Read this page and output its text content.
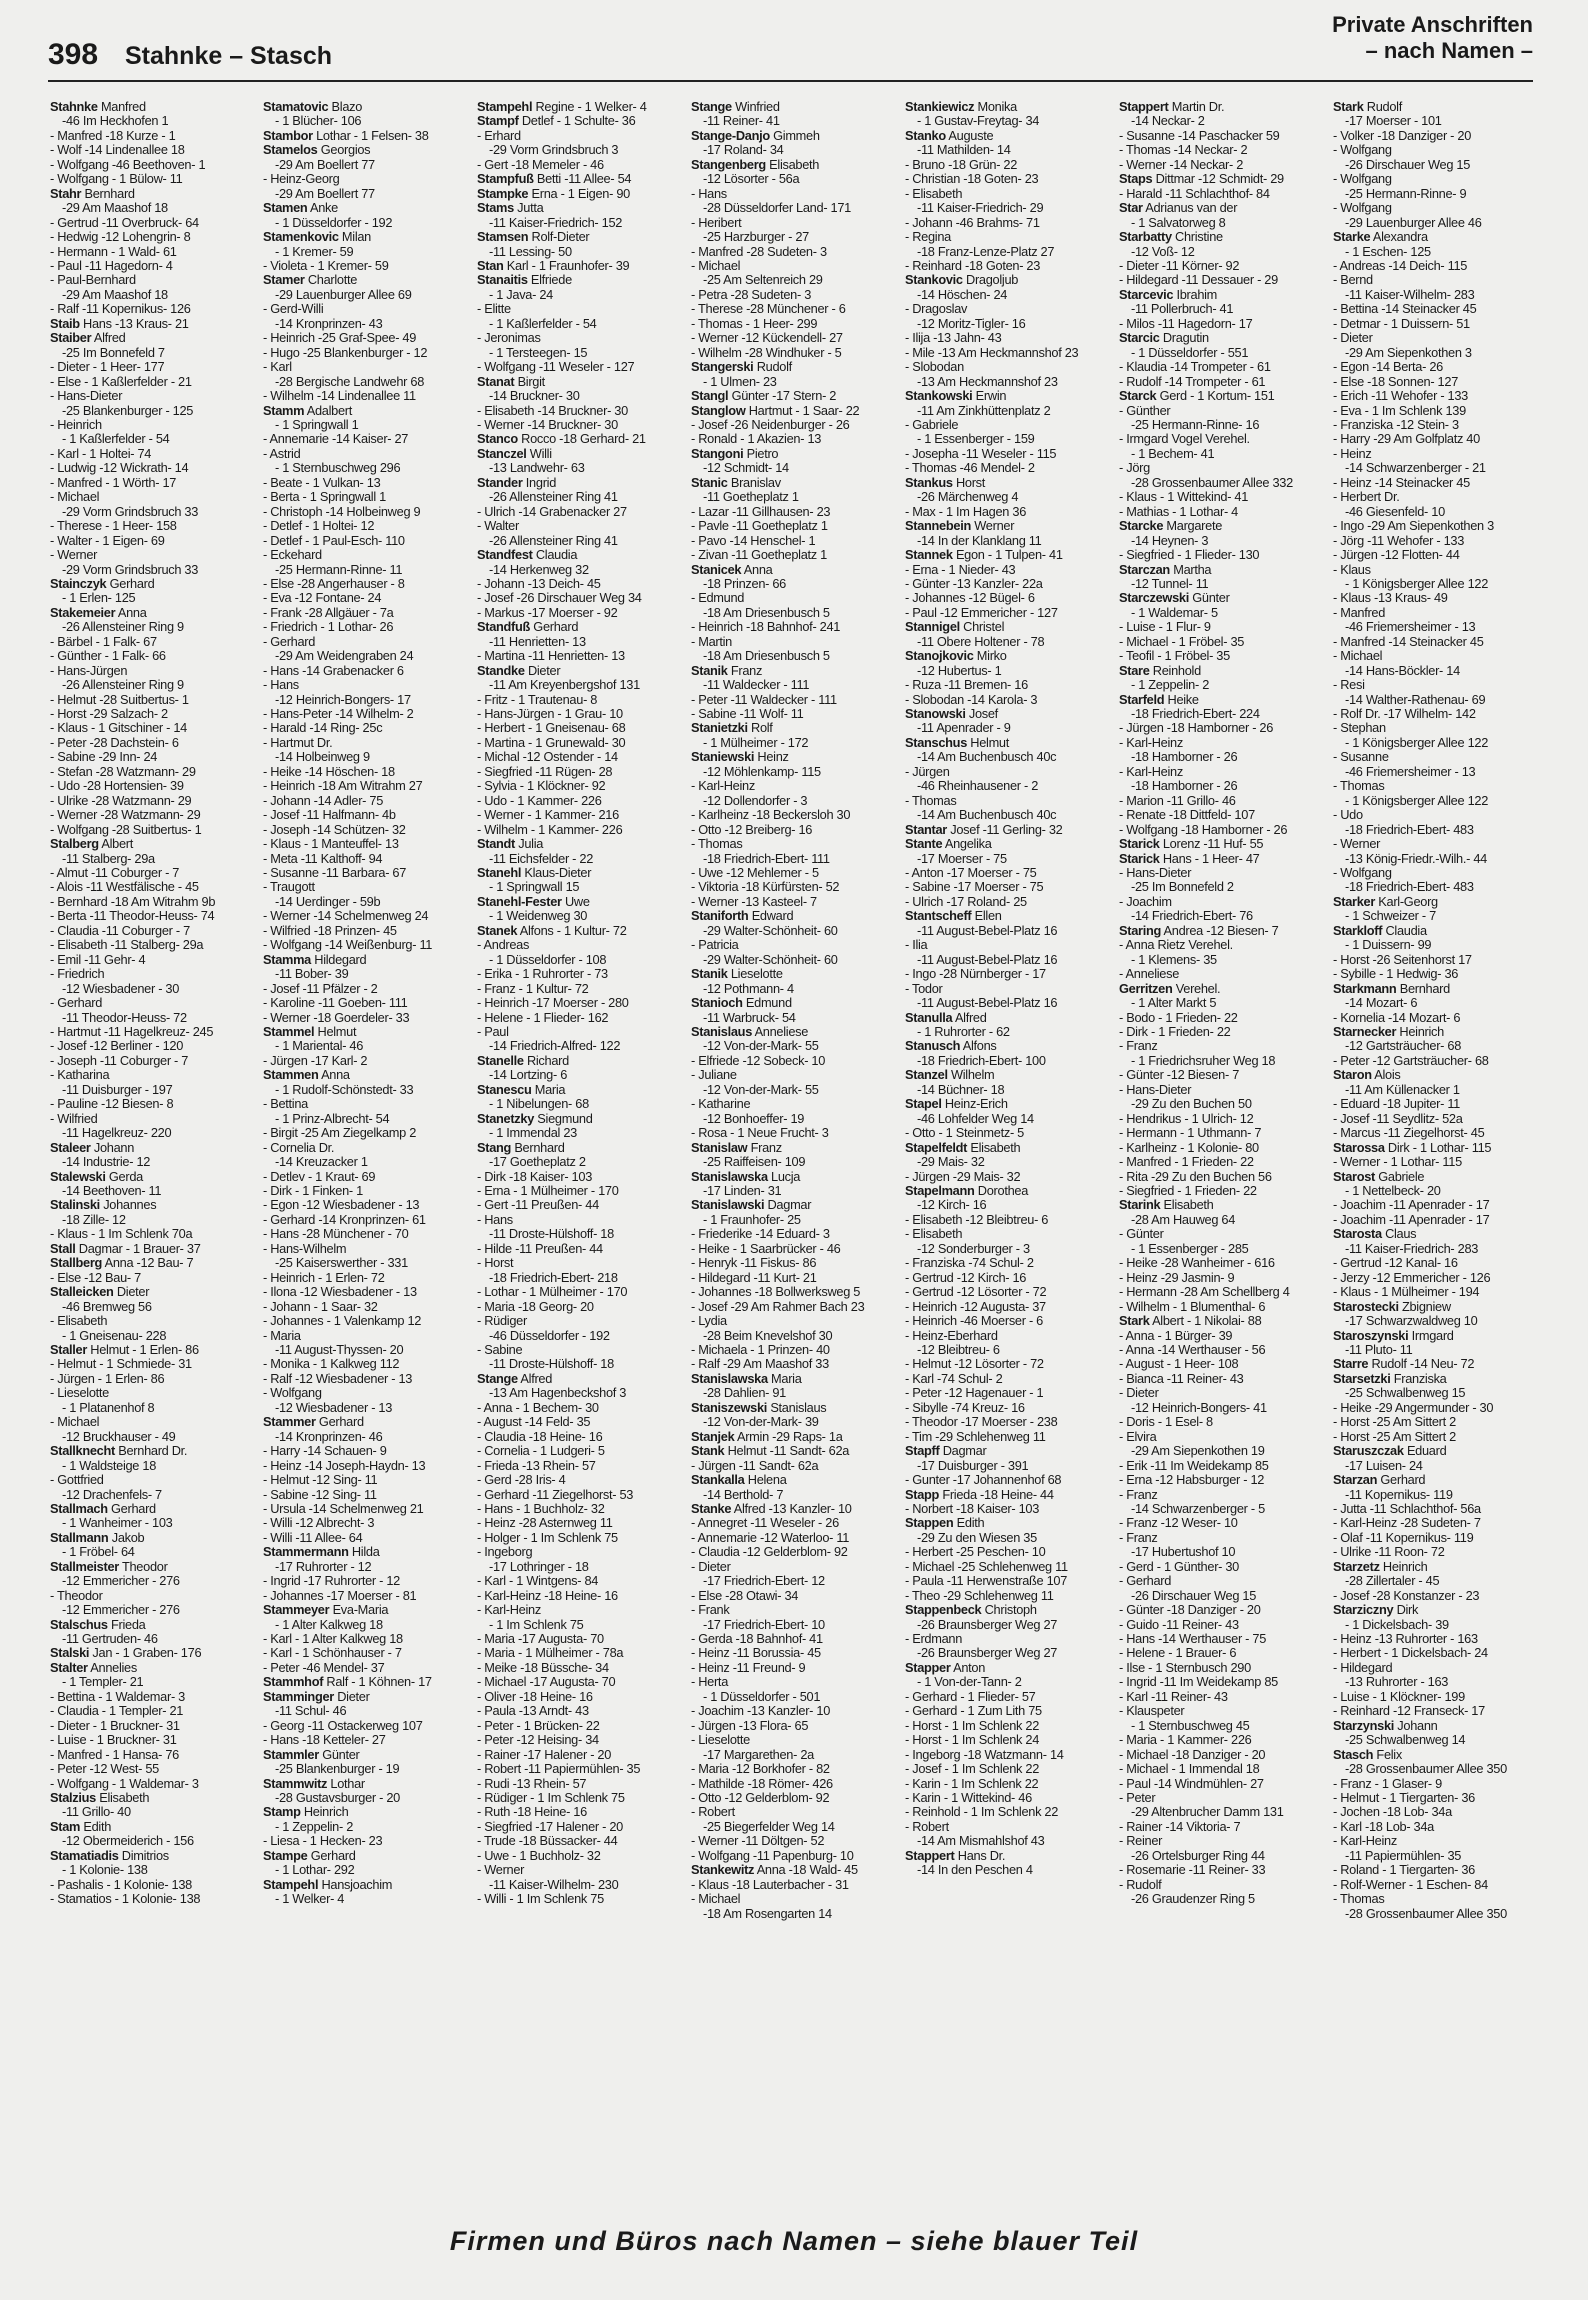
398 Stahnke – Stasch
Private Anschriften
– nach Namen –
Stahnke Manfred
-46 Im Heckhofen 1
- Manfred -18 Kurze - 1
- Wolf -14 Lindenallee 18
- Wolfgang -46 Beethoven- 1
- Wolfgang - 1 Bülow- 11
Stahr Bernhard
-29 Am Maashof 18
- Gertrud -11 Overbruck- 64
- Hedwig -12 Lohengrin- 8
- Hermann - 1 Wald- 61
- Paul -11 Hagedorn- 4
- Paul-Bernhard
-29 Am Maashof 18
- Ralf -11 Kopernikus- 126
Staib Hans -13 Kraus- 21
Staiber Alfred
-25 Im Bonnefeld 7
- Dieter - 1 Heer- 177
- Else - 1 Kaßlerfelder - 21
- Hans-Dieter
-25 Blankenburger - 125
- Heinrich
- 1 Kaßlerfelder - 54
- Karl - 1 Holtei- 74
- Ludwig -12 Wickrath- 14
- Manfred - 1 Wörth- 17
- Michael
-29 Vorm Grindsbruch 33
- Therese - 1 Heer- 158
- Walter - 1 Eigen- 69
- Werner
-29 Vorm Grindsbruch 33
Stainczyk Gerhard
- 1 Erlen- 125
Stakemeier Anna
-26 Allensteiner Ring 9
- Bärbel - 1 Falk- 67
- Günther - 1 Falk- 66
- Hans-Jürgen
-26 Allensteiner Ring 9
- Helmut -28 Suitbertus- 1
- Horst -29 Salzach- 2
- Klaus - 1 Gitschiner - 14
- Peter -28 Dachstein- 6
- Sabine -29 Inn- 24
- Stefan -28 Watzmann- 29
- Udo -28 Hortensien- 39
- Ulrike -28 Watzmann- 29
- Werner -28 Watzmann- 29
- Wolfgang -28 Suitbertus- 1
Stalberg Albert
-11 Stalberg- 29a
- Almut -11 Coburger - 7
- Alois -11 Westfälische - 45
- Bernhard -18 Am Witrahm 9b
- Berta -11 Theodor-Heuss- 74
- Claudia -11 Coburger - 7
- Elisabeth -11 Stalberg- 29a
- Emil -11 Gehr- 4
- Friedrich
-12 Wiesbadener - 30
- Gerhard
-11 Theodor-Heuss- 72
- Hartmut -11 Hagelkreuz- 245
- Josef -12 Berliner - 120
- Joseph -11 Coburger - 7
- Katharina
-11 Duisburger - 197
- Pauline -12 Biesen- 8
- Wilfried
-11 Hagelkreuz- 220
Staleer Johann
-14 Industrie- 12
Stalewski Gerda
-14 Beethoven- 11
Stalinski Johannes
-18 Zille- 12
- Klaus - 1 Im Schlenk 70a
Stall Dagmar - 1 Brauer- 37
Stallberg Anna -12 Bau- 7
- Else -12 Bau- 7
Stalleicken Dieter
-46 Bremweg 56
- Elisabeth
- 1 Gneisenau- 228
Staller Helmut - 1 Erlen- 86
- Helmut - 1 Schmiede- 31
- Jürgen - 1 Erlen- 86
- Lieselotte
- 1 Platanenhof 8
- Michael
-12 Bruckhauser - 49
Stallknecht Bernhard Dr.
- 1 Waldsteige 18
- Gottfried
-12 Drachenfels- 7
Stallmach Gerhard
- 1 Wanheimer - 103
Stallmann Jakob
- 1 Fröbel- 64
Stallmeister Theodor
-12 Emmericher - 276
- Theodor
-12 Emmericher - 276
Stalschus Frieda
-11 Gertruden- 46
Stalski Jan - 1 Graben- 176
Stalter Annelies
- 1 Templer- 21
- Bettina - 1 Waldemar- 3
- Claudia - 1 Templer- 21
- Dieter - 1 Bruckner- 31
- Luise - 1 Bruckner- 31
- Manfred - 1 Hansa- 76
- Peter -12 West- 55
- Wolfgang - 1 Waldemar- 3
Stalzius Elisabeth
-11 Grillo- 40
Stam Edith
-12 Obermeiderich - 156
Stamatiadis Dimitrios
- 1 Kolonie- 138
- Pashalis - 1 Kolonie- 138
- Stamatios - 1 Kolonie- 138
Stamatovic Blazo
- 1 Blücher- 106
Stambor Lothar - 1 Felsen- 38
Stamelos Georgios
-29 Am Boellert 77
- Heinz-Georg
-29 Am Boellert 77
Stamen Anke
- 1 Düsseldorfer - 192
Stamenkovic Milan
- 1 Kremer- 59
- Violeta - 1 Kremer- 59
Stamer Charlotte
-29 Lauenburger Allee 69
- Gerd-Willi
-14 Kronprinzen- 43
- Heinrich -25 Graf-Spee- 49
- Hugo -25 Blankenburger - 12
- Karl
-28 Bergische Landwehr 68
- Wilhelm -14 Lindenallee 11
Stamm Adalbert
- 1 Springwall 1
- Annemarie -14 Kaiser- 27
- Astrid
- 1 Sternbuschweg 296
- Beate - 1 Vulkan- 13
- Berta - 1 Springwall 1
- Christoph -14 Holbeinweg 9
- Detlef - 1 Holtei- 12
- Detlef - 1 Paul-Esch- 110
- Eckehard
-25 Hermann-Rinne- 11
- Else -28 Angerhauser - 8
- Eva -12 Fontane- 24
- Frank -28 Allgäuer - 7a
- Friedrich - 1 Lothar- 26
- Gerhard
-29 Am Weidengraben 24
- Hans -14 Grabenacker 6
- Hans
-12 Heinrich-Bongers- 17
- Hans-Peter -14 Wilhelm- 2
- Harald -14 Ring- 25c
- Hartmut Dr.
-14 Holbeinweg 9
- Heike -14 Höschen- 18
- Heinrich -18 Am Witrahm 27
- Johann -14 Adler- 75
- Josef -11 Halfmann- 4b
- Joseph -14 Schützen- 32
- Klaus - 1 Manteuffel- 13
- Meta -11 Kalthoff- 94
- Susanne -11 Barbara- 67
- Traugott
-14 Uerdinger - 59b
- Werner -14 Schelmenweg 24
- Wilfried -18 Prinzen- 45
- Wolfgang -14 Weißenburg- 11
Stamma Hildegard
-11 Bober- 39
- Josef -11 Pfälzer - 2
- Karoline -11 Goeben- 111
- Werner -18 Goerdeler- 33
Stammel Helmut
- 1 Mariental- 46
- Jürgen -17 Karl- 2
Stammen Anna
- 1 Rudolf-Schönstedt- 33
- Bettina
- 1 Prinz-Albrecht- 54
- Birgit -25 Am Ziegelkamp 2
- Cornelia Dr.
-14 Kreuzacker 1
- Detlev - 1 Kraut- 69
- Dirk - 1 Finken- 1
- Egon -12 Wiesbadener - 13
- Gerhard -14 Kronprinzen- 61
- Hans -28 Münchener - 70
- Hans-Wilhelm
-25 Kaiserswerther - 331
- Heinrich - 1 Erlen- 72
- Ilona -12 Wiesbadener - 13
- Johann - 1 Saar- 32
- Johannes - 1 Valenkamp 12
- Maria
-11 August-Thyssen- 20
- Monika - 1 Kalkweg 112
- Ralf -12 Wiesbadener - 13
- Wolfgang
-12 Wiesbadener - 13
Stammer Gerhard
-14 Kronprinzen- 46
- Harry -14 Schauen- 9
- Heinz -14 Joseph-Haydn- 13
- Helmut -12 Sing- 11
- Sabine -12 Sing- 11
- Ursula -14 Schelmenweg 21
- Willi -12 Albrecht- 3
- Willi -11 Allee- 64
Stammermann Hilda
-17 Ruhrorter - 12
- Ingrid -17 Ruhrorter - 12
- Johannes -17 Moerser - 81
Stammeyer Eva-Maria
- 1 Alter Kalkweg 18
- Karl - 1 Alter Kalkweg 18
- Karl - 1 Schönhauser - 7
- Peter -46 Mendel- 37
Stammhof Ralf - 1 Köhnen- 17
Stamminger Dieter
-11 Schul- 46
- Georg -11 Ostackerweg 107
- Hans -18 Ketteler- 27
Stammler Günter
-25 Blankenburger - 19
Stammwitz Lothar
-28 Gustavsburger - 20
Stamp Heinrich
- 1 Zeppelin- 2
- Liesa - 1 Hecken- 23
Stampe Gerhard
- 1 Lothar- 292
Stampehl Hansjoachim
- 1 Welker- 4
Stampehl Regine - 1 Welker- 4
Stampf Detlef - 1 Schulte- 36
- Erhard
-29 Vorm Grindsbruch 3
- Gert -18 Memeler - 46
Stampfuß Betti -11 Allee- 54
Stampke Erna - 1 Eigen- 90
Stams Jutta
-11 Kaiser-Friedrich- 152
Stamsen Rolf-Dieter
-11 Lessing- 50
Stan Karl - 1 Fraunhofer- 39
Stanaitis Elfriede
- 1 Java- 24
- Elitte
- 1 Kaßlerfelder - 54
- Jeronimas
- 1 Tersteegen- 15
- Wolfgang -11 Weseler - 127
Stanat Birgit
-14 Bruckner- 30
- Elisabeth -14 Bruckner- 30
- Werner -14 Bruckner- 30
Stanco Rocco -18 Gerhard- 21
Stanczel Willi
-13 Landwehr- 63
Stander Ingrid
-26 Allensteiner Ring 41
- Ulrich -14 Grabenacker 27
- Walter
-26 Allensteiner Ring 41
Standfest Claudia
-14 Herkenweg 32
- Johann -13 Deich- 45
- Josef -26 Dirschauer Weg 34
- Markus -17 Moerser - 92
Standfuß Gerhard
-11 Henrietten- 13
- Martina -11 Henrietten- 13
Standke Dieter
-11 Am Kreyenbergshof 131
- Fritz - 1 Trautenau- 8
- Hans-Jürgen - 1 Grau- 10
- Herbert - 1 Gneisenau- 68
- Martina - 1 Grunewald- 30
- Michal -12 Ostender - 14
- Siegfried -11 Rügen- 28
- Sylvia - 1 Klöckner- 92
- Udo - 1 Kammer- 226
- Werner - 1 Kammer- 216
- Wilhelm - 1 Kammer- 226
Standt Julia
-11 Eichsfelder - 22
Stanehl Klaus-Dieter
- 1 Springwall 15
Stanehl-Fester Uwe
- 1 Weidenweg 30
Stanek Alfons - 1 Kultur- 72
- Andreas
- 1 Düsseldorfer - 108
- Erika - 1 Ruhrorter - 73
- Franz - 1 Kultur- 72
- Heinrich -17 Moerser - 280
- Helene - 1 Flieder- 162
- Paul
-14 Friedrich-Alfred- 122
Stanelle Richard
-14 Lortzing- 6
Stanescu Maria
- 1 Nibelungen- 68
Stanetzky Siegmund
- 1 Immendal 23
Stang Bernhard
-17 Goetheplatz 2
- Dirk -18 Kaiser- 103
- Erna - 1 Mülheimer - 170
- Gert -11 Preußen- 44
- Hans
-11 Droste-Hülshoff- 18
- Hilde -11 Preußen- 44
- Horst
-18 Friedrich-Ebert- 218
- Lothar - 1 Mülheimer - 170
- Maria -18 Georg- 20
- Rüdiger
-46 Düsseldorfer - 192
- Sabine
-11 Droste-Hülshoff- 18
Stange Alfred
-13 Am Hagenbeckshof 3
- Anna - 1 Bechem- 30
- August -14 Feld- 35
- Claudia -18 Heine- 16
- Cornelia - 1 Ludgeri- 5
- Frieda -13 Rhein- 57
- Gerd -28 Iris- 4
- Gerhard -11 Ziegelhorst- 53
- Hans - 1 Buchholz- 32
- Heinz -28 Asternweg 11
- Holger - 1 Im Schlenk 75
- Ingeborg
-17 Lothringer - 18
- Karl - 1 Wintgens- 84
- Karl-Heinz -18 Heine- 16
- Karl-Heinz
- 1 Im Schlenk 75
- Maria -17 Augusta- 70
- Maria - 1 Mülheimer - 78a
- Meike -18 Büssche- 34
- Michael -17 Augusta- 70
- Oliver -18 Heine- 16
- Paula -13 Arndt- 43
- Peter - 1 Brücken- 22
- Peter -12 Heising- 34
- Rainer -17 Halener - 20
- Robert -11 Papiermühlen- 35
- Rudi -13 Rhein- 57
- Rüdiger - 1 Im Schlenk 75
- Ruth -18 Heine- 16
- Siegfried -17 Halener - 20
- Trude -18 Büssacker- 44
- Uwe - 1 Buchholz- 32
- Werner
-11 Kaiser-Wilhelm- 230
- Willi - 1 Im Schlenk 75
Stange Winfried
-11 Reiner- 41
Stange-Danjo Gimmeh
-17 Roland- 34
Stangenberg Elisabeth
-12 Lösorter - 56a
- Hans
-28 Düsseldorfer Land- 171
- Heribert
-25 Harzburger - 27
- Manfred -28 Sudeten- 3
- Michael
-25 Am Seltenreich 29
- Petra -28 Sudeten- 3
- Therese -28 Münchener - 6
- Thomas - 1 Heer- 299
- Werner -12 Kückendell- 27
- Wilhelm -28 Windhuker - 5
Stangerski Rudolf
- 1 Ulmen- 23
Stangl Günter -17 Stern- 2
Stanglow Hartmut - 1 Saar- 22
- Josef -26 Neidenburger - 26
- Ronald - 1 Akazien- 13
Stangoni Pietro
-12 Schmidt- 14
Stanic Branislav
-11 Goetheplatz 1
- Lazar -11 Gillhausen- 23
- Pavle -11 Goetheplatz 1
- Pavo -14 Henschel- 1
- Zivan -11 Goetheplatz 1
Stanicek Anna
-18 Prinzen- 66
- Edmund
-18 Am Driesenbusch 5
- Heinrich -18 Bahnhof- 241
- Martin
-18 Am Driesenbusch 5
Stanik Franz
-11 Waldecker - 111
- Peter -11 Waldecker - 111
- Sabine -11 Wolf- 11
Stanietzki Rolf
- 1 Mülheimer - 172
Staniewski Heinz
-12 Möhlenkamp- 115
- Karl-Heinz
-12 Dollendorfer - 3
- Karlheinz -18 Beckersloh 30
- Otto -12 Breiberg- 16
- Thomas
-18 Friedrich-Ebert- 111
- Uwe -12 Mehlemer - 5
- Viktoria -18 Kürfürsten- 52
- Werner -13 Kasteel- 7
Staniforth Edward
-29 Walter-Schönheit- 60
- Patricia
-29 Walter-Schönheit- 60
Stanik Lieselotte
-12 Pothmann- 4
Stanioch Edmund
-11 Warbruck- 54
Stanislaus Anneliese
-12 Von-der-Mark- 55
- Elfriede -12 Sobeck- 10
- Juliane
-12 Von-der-Mark- 55
- Katharine
-12 Bonhoeffer- 19
- Rosa - 1 Neue Frucht- 3
Stanislaw Franz
-25 Raiffeisen- 109
Stanislawska Lucja
-17 Linden- 31
Stanislawski Dagmar
- 1 Fraunhofer- 25
- Friederike -14 Eduard- 3
- Heike - 1 Saarbrücker - 46
- Henryk -11 Fiskus- 86
- Hildegard -11 Kurt- 21
- Johannes -18 Bollwerksweg 5
- Josef -29 Am Rahmer Bach 23
- Lydia
-28 Beim Knevelshof 30
- Michaela - 1 Prinzen- 40
- Ralf -29 Am Maashof 33
Stanislawska Maria
-28 Dahlien- 91
Staniszewski Stanislaus
-12 Von-der-Mark- 39
Stanjek Armin -29 Raps- 1a
Stank Helmut -11 Sandt- 62a
- Jürgen -11 Sandt- 62a
Stankalla Helena
-14 Berthold- 7
Stanke Alfred -13 Kanzler- 10
- Annegret -11 Weseler - 26
- Annemarie -12 Waterloo- 11
- Claudia -12 Gelderblom- 92
- Dieter
-17 Friedrich-Ebert- 12
- Else -28 Otawi- 34
- Frank
-17 Friedrich-Ebert- 10
- Gerda -18 Bahnhof- 41
- Heinz -11 Borussia- 45
- Heinz -11 Freund- 9
- Herta
- 1 Düsseldorfer - 501
- Joachim -13 Kanzler- 10
- Jürgen -13 Flora- 65
- Lieselotte
-17 Margarethen- 2a
- Maria -12 Borkhofer - 82
- Mathilde -18 Römer- 426
- Otto -12 Gelderblom- 92
- Robert
-25 Biegerfelder Weg 14
- Werner -11 Döltgen- 52
- Wolfgang -11 Papenburg- 10
Stankewitz Anna -18 Wald- 45
- Klaus -18 Lauterbacher - 31
- Michael
-18 Am Rosengarten 14
Stankiewicz Monika
- 1 Gustav-Freytag- 34
Stanko Auguste
-11 Mathilden- 14
- Bruno -18 Grün- 22
- Christian -18 Goten- 23
- Elisabeth
-11 Kaiser-Friedrich- 29
- Johann -46 Brahms- 71
- Regina
-18 Franz-Lenze-Platz 27
- Reinhard -18 Goten- 23
Stankovic Dragoljub
-14 Höschen- 24
- Dragoslav
-12 Moritz-Tigler- 16
- Ilija -13 Jahn- 43
- Mile -13 Am Heckmannshof 23
- Slobodan
-13 Am Heckmannshof 23
Stankowski Erwin
-11 Am Zinkhüttenplatz 2
- Gabriele
- 1 Essenberger - 159
- Josepha -11 Weseler - 115
- Thomas -46 Mendel- 2
Stankus Horst
-26 Märchenweg 4
- Max - 1 Im Hagen 36
Stannebein Werner
-14 In der Klanklang 11
Stannek Egon - 1 Tulpen- 41
- Erna - 1 Nieder- 43
- Günter -13 Kanzler- 22a
- Johannes -12 Bügel- 6
- Paul -12 Emmericher - 127
Stannigel Christel
-11 Obere Holtener - 78
Stanojkovic Mirko
-12 Hubertus- 1
- Ruza -11 Bremen- 16
- Slobodan -14 Karola- 3
Stanowski Josef
-11 Apenrader - 9
Stanschus Helmut
-14 Am Buchenbusch 40c
- Jürgen
-46 Rheinhausener - 2
- Thomas
-14 Am Buchenbusch 40c
Stantar Josef -11 Gerling- 32
Stante Angelika
-17 Moerser - 75
- Anton -17 Moerser - 75
- Sabine -17 Moerser - 75
- Ulrich -17 Roland- 25
Stantscheff Ellen
-11 August-Bebel-Platz 16
- Ilia
-11 August-Bebel-Platz 16
- Ingo -28 Nürnberger - 17
- Todor
-11 August-Bebel-Platz 16
Stanulla Alfred
- 1 Ruhrorter - 62
Stanusch Alfons
-18 Friedrich-Ebert- 100
Stanzel Wilhelm
-14 Büchner- 18
Stapel Heinz-Erich
-46 Lohfelder Weg 14
- Otto - 1 Steinmetz- 5
Stapelfeldt Elisabeth
-29 Mais- 32
- Jürgen -29 Mais- 32
Stapelmann Dorothea
-12 Kirch- 16
- Elisabeth -12 Bleibtreu- 6
- Elisabeth
-12 Sonderburger - 3
- Franziska -74 Schul- 2
- Gertrud -12 Kirch- 16
- Gertrud -12 Lösorter - 72
- Heinrich -12 Augusta- 37
- Heinrich -46 Moerser - 6
- Heinz-Eberhard
-12 Bleibtreu- 6
- Helmut -12 Lösorter - 72
- Karl -74 Schul- 2
- Peter -12 Hagenauer - 1
- Sibylle -74 Kreuz- 16
- Theodor -17 Moerser - 238
- Tim -29 Schlehenweg 11
Stapff Dagmar
-17 Duisburger - 391
- Gunter -17 Johannenhof 68
Stapp Frieda -18 Heine- 44
- Norbert -18 Kaiser- 103
Stappen Edith
-29 Zu den Wiesen 35
- Herbert -25 Peschen- 10
- Michael -25 Schlehenweg 11
- Paula -11 Herwenstraße 107
- Theo -29 Schlehenweg 11
Stappenbeck Christoph
-26 Braunsberger Weg 27
- Erdmann
-26 Braunsberger Weg 27
Stapper Anton
- 1 Von-der-Tann- 2
- Gerhard - 1 Flieder- 57
- Gerhard - 1 Zum Lith 75
- Horst - 1 Im Schlenk 22
- Horst - 1 Im Schlenk 24
- Ingeborg -18 Watzmann- 14
- Josef - 1 Im Schlenk 22
- Karin - 1 Im Schlenk 22
- Karin - 1 Wittekind- 46
- Reinhold - 1 Im Schlenk 22
- Robert
-14 Am Mismahlshof 43
Stappert Hans Dr.
-14 In den Peschen 4
Stappert Martin Dr.
-14 Neckar- 2
- Susanne -14 Paschacker 59
- Thomas -14 Neckar- 2
- Werner -14 Neckar- 2
Staps Dittmar -12 Schmidt- 29
- Harald -11 Schlachthof- 84
Star Adrianus van der
- 1 Salvatorweg 8
Starbatty Christine
-12 Voß- 12
- Dieter -11 Körner- 92
- Hildegard -11 Dessauer - 29
Starcevic Ibrahim
-11 Pollerbruch- 41
- Milos -11 Hagedorn- 17
Starcic Dragutin
- 1 Düsseldorfer - 551
- Klaudia -14 Trompeter - 61
- Rudolf -14 Trompeter - 61
Starck Gerd - 1 Kortum- 151
- Günther
-25 Hermann-Rinne- 16
- Irmgard Vogel Verehel.
- 1 Bechem- 41
- Jörg
-28 Grossenbaumer Allee 332
- Klaus - 1 Wittekind- 41
- Mathias - 1 Lothar- 4
Starcke Margarete
-14 Heynen- 3
- Siegfried - 1 Flieder- 130
Starczan Martha
-12 Tunnel- 11
Starczewski Günter
- 1 Waldemar- 5
- Luise - 1 Flur- 9
- Michael - 1 Fröbel- 35
- Teofil - 1 Fröbel- 35
Stare Reinhold
- 1 Zeppelin- 2
Starfeld Heike
-18 Friedrich-Ebert- 224
- Jürgen -18 Hamborner - 26
- Karl-Heinz
-18 Hamborner - 26
- Karl-Heinz
-18 Hamborner - 26
- Marion -11 Grillo- 46
- Renate -18 Dittfeld- 107
- Wolfgang -18 Hamborner - 26
Starick Lorenz -11 Huf- 55
Starick Hans - 1 Heer- 47
- Hans-Dieter
-25 Im Bonnefeld 2
- Joachim
-14 Friedrich-Ebert- 76
Staring Andrea -12 Biesen- 7
- Anna Rietz Verehel.
- 1 Klemens- 35
- Anneliese
Gerritzen Verehel.
- 1 Alter Markt 5
- Bodo - 1 Frieden- 22
- Dirk - 1 Frieden- 22
- Franz
- 1 Friedrichsruher Weg 18
- Günter -12 Biesen- 7
- Hans-Dieter
-29 Zu den Buchen 50
- Hendrikus - 1 Ulrich- 12
- Hermann - 1 Uthmann- 7
- Karlheinz - 1 Kolonie- 80
- Manfred - 1 Frieden- 22
- Rita -29 Zu den Buchen 56
- Siegfried - 1 Frieden- 22
Starink Elisabeth
-28 Am Hauweg 64
- Günter
- 1 Essenberger - 285
- Heike -28 Wanheimer - 616
- Heinz -29 Jasmin- 9
- Hermann -28 Am Schellberg 4
- Wilhelm - 1 Blumenthal- 6
Stark Albert - 1 Nikolai- 88
- Anna - 1 Bürger- 39
- Anna -14 Werthauser - 56
- August - 1 Heer- 108
- Bianca -11 Reiner- 43
- Dieter
-12 Heinrich-Bongers- 41
- Doris - 1 Esel- 8
- Elvira
-29 Am Siepenkothen 19
- Erik -11 Im Weidekamp 85
- Erna -12 Habsburger - 12
- Franz
-14 Schwarzenberger - 5
- Franz -12 Weser- 10
- Franz
-17 Hubertushof 10
- Gerd - 1 Günther- 30
- Gerhard
-26 Dirschauer Weg 15
- Günter -18 Danziger - 20
- Guido -11 Reiner- 43
- Hans -14 Werthauser - 75
- Helene - 1 Brauer- 6
- Ilse - 1 Sternbusch 290
- Ingrid -11 Im Weidekamp 85
- Karl -11 Reiner- 43
- Klauspeter
- 1 Sternbuschweg 45
- Maria - 1 Kammer- 226
- Michael -18 Danziger - 20
- Michael - 1 Immendal 18
- Paul -14 Windmühlen- 27
- Peter
-29 Altenbrucher Damm 131
- Rainer -14 Viktoria- 7
- Reiner
-26 Ortelsburger Ring 44
- Rosemarie -11 Reiner- 33
- Rudolf
-26 Graudenzer Ring 5
Stark Rudolf
-17 Moerser - 101
- Volker -18 Danziger - 20
- Wolfgang
-26 Dirschauer Weg 15
- Wolfgang
-25 Hermann-Rinne- 9
- Wolfgang
-29 Lauenburger Allee 46
Starke Alexandra
- 1 Eschen- 125
- Andreas -14 Deich- 115
- Bernd
-11 Kaiser-Wilhelm- 283
- Bettina -14 Steinacker 45
- Detmar - 1 Duissern- 51
- Dieter
-29 Am Siepenkothen 3
- Egon -14 Berta- 26
- Else -18 Sonnen- 127
- Erich -11 Wehofer - 133
- Eva - 1 Im Schlenk 139
- Franziska -12 Stein- 3
- Harry -29 Am Golfplatz 40
- Heinz
-14 Schwarzenberger - 21
- Heinz -14 Steinacker 45
- Herbert Dr.
-46 Giesenfeld- 10
- Ingo -29 Am Siepenkothen 3
- Jörg -11 Wehofer - 133
- Jürgen -12 Flotten- 44
- Klaus
- 1 Königsberger Allee 122
- Klaus -13 Kraus- 49
- Manfred
-46 Friemersheimer - 13
- Manfred -14 Steinacker 45
- Michael
-14 Hans-Böckler- 14
- Resi
-14 Walther-Rathenau- 69
- Rolf Dr. -17 Wilhelm- 142
- Stephan
- 1 Königsberger Allee 122
- Susanne
-46 Friemersheimer - 13
- Thomas
- 1 Königsberger Allee 122
- Udo
-18 Friedrich-Ebert- 483
- Werner
-13 König-Friedr.-Wilh.- 44
- Wolfgang
-18 Friedrich-Ebert- 483
Starker Karl-Georg
- 1 Schweizer - 7
Starkloff Claudia
- 1 Duissern- 99
- Horst -26 Seitenhorst 17
- Sybille - 1 Hedwig- 36
Starkmann Bernhard
-14 Mozart- 6
- Kornelia -14 Mozart- 6
Starnecker Heinrich
-12 Gartsträucher- 68
- Peter -12 Gartsträucher- 68
Staron Alois
-11 Am Küllenacker 1
- Eduard -18 Jupiter- 11
- Josef -11 Seydlitz- 52a
- Marcus -11 Ziegelhorst- 45
Starossa Dirk - 1 Lothar- 115
- Werner - 1 Lothar- 115
Starost Gabriele
- 1 Nettelbeck- 20
- Joachim -11 Apenrader - 17
- Joachim -11 Apenrader - 17
Starosta Claus
-11 Kaiser-Friedrich- 283
- Gertrud -12 Kanal- 16
- Jerzy -12 Emmericher - 126
- Klaus - 1 Mülheimer - 194
Starostecki Zbigniew
-17 Schwarzwaldweg 10
Staroszynski Irmgard
-11 Pluto- 11
Starre Rudolf -14 Neu- 72
Starsetzki Franziska
-25 Schwalbenweg 15
- Heike -29 Angermunder - 30
- Horst -25 Am Sittert 2
- Horst -25 Am Sittert 2
Staruszczak Eduard
-17 Luisen- 24
Starzan Gerhard
-11 Kopernikus- 119
- Jutta -11 Schlachthof- 56a
- Karl-Heinz -28 Sudeten- 7
- Olaf -11 Kopernikus- 119
- Ulrike -11 Roon- 72
Starzetz Heinrich
-28 Zillertaler - 45
- Josef -28 Konstanzer - 23
Starziczny Dirk
- 1 Dickelsbach- 39
- Heinz -13 Ruhrorter - 163
- Herbert - 1 Dickelsbach- 24
- Hildegard
-13 Ruhrorter - 163
- Luise - 1 Klöckner- 199
- Reinhard -12 Franseck- 17
Starzynski Johann
-25 Schwalbenweg 14
Stasch Felix
-28 Grossenbaumer Allee 350
- Franz - 1 Glaser- 9
- Helmut - 1 Tiergarten- 36
- Jochen -18 Lob- 34a
- Karl -18 Lob- 34a
- Karl-Heinz
-11 Papiermühlen- 35
- Roland - 1 Tiergarten- 36
- Rolf-Werner - 1 Eschen- 84
- Thomas
-28 Grossenbaumer Allee 350
Firmen und Büros nach Namen – siehe blauer Teil
